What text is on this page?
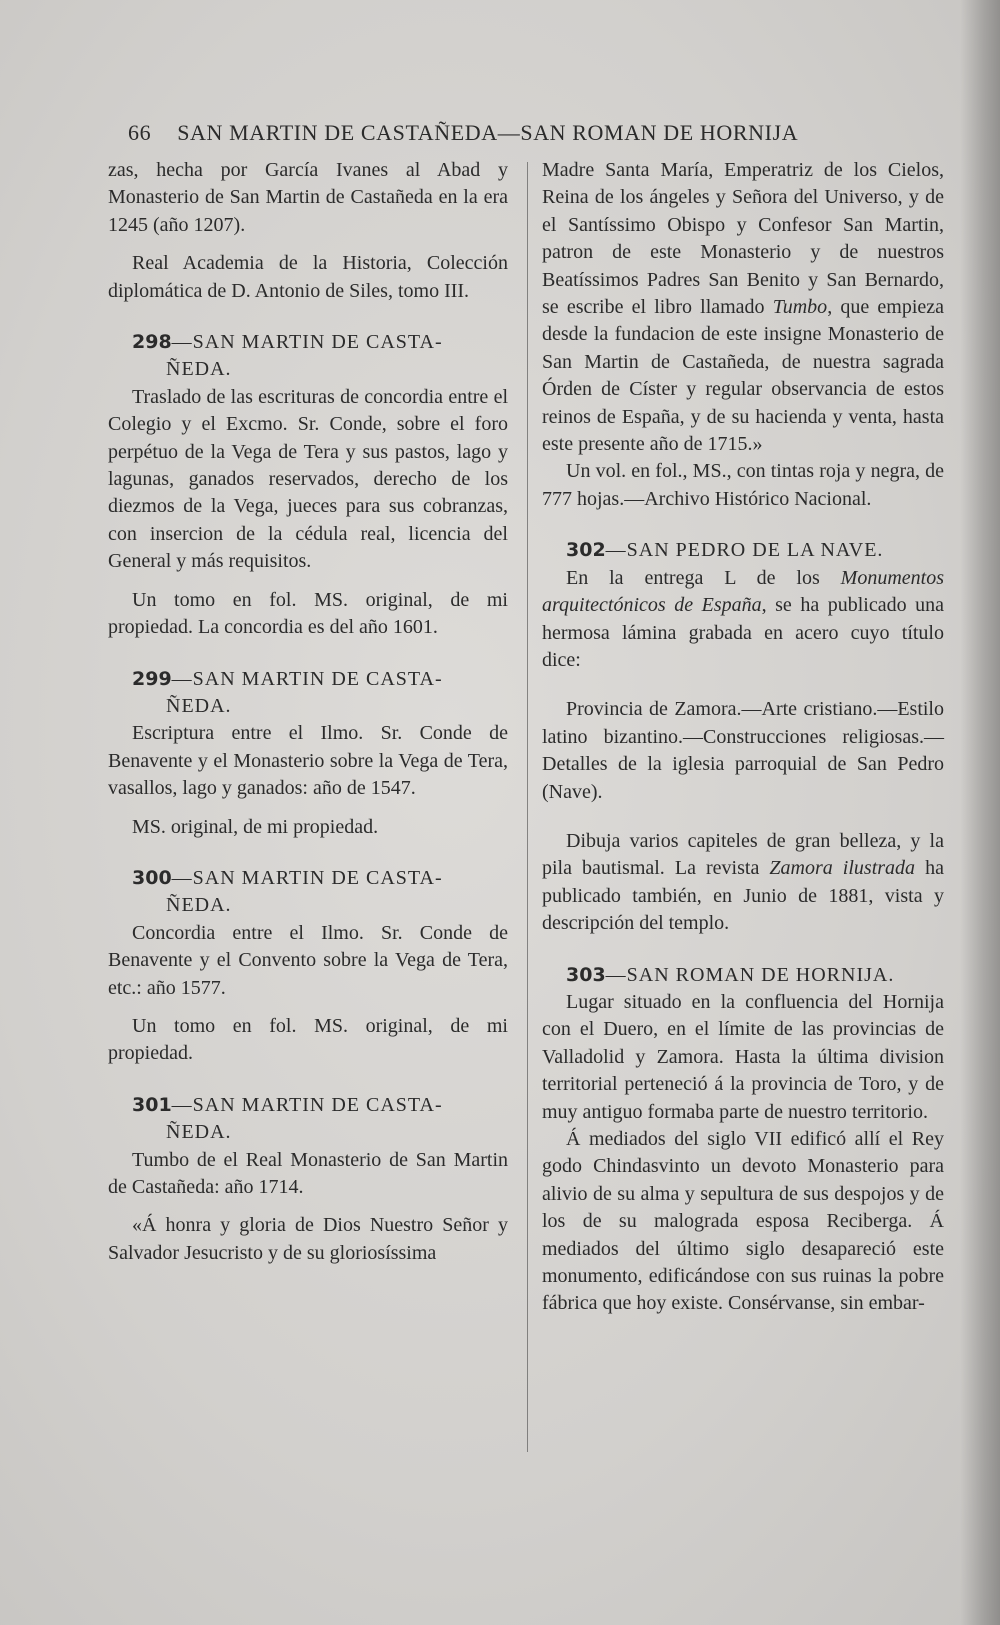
66 SAN MARTIN DE CASTAÑEDA—SAN ROMAN DE HORNIJA

zas, hecha por García Ivanes al Abad y Monasterio de San Martin de Castañeda en la era 1245 (año 1207).

Real Academia de la Historia, Colección diplomática de D. Antonio de Siles, tomo III.

298—SAN MARTIN DE CASTA-
ÑEDA.

Traslado de las escrituras de concordia entre el Colegio y el Excmo. Sr. Conde, sobre el foro perpétuo de la Vega de Tera y sus pastos, lago y lagunas, ganados reservados, derecho de los diezmos de la Vega, jueces para sus cobranzas, con insercion de la cédula real, licencia del General y más requisitos.

Un tomo en fol. MS. original, de mi propiedad. La concordia es del año 1601.

299—SAN MARTIN DE CASTA-
ÑEDA.

Escriptura entre el Ilmo. Sr. Conde de Benavente y el Monasterio sobre la Vega de Tera, vasallos, lago y ganados: año de 1547.

MS. original, de mi propiedad.

300—SAN MARTIN DE CASTA-
ÑEDA.

Concordia entre el Ilmo. Sr. Conde de Benavente y el Convento sobre la Vega de Tera, etc.: año 1577.

Un tomo en fol. MS. original, de mi propiedad.

301—SAN MARTIN DE CASTA-
ÑEDA.

Tumbo de el Real Monasterio de San Martin de Castañeda: año 1714.

«Á honra y gloria de Dios Nuestro Señor y Salvador Jesucristo y de su gloriosíssima

Madre Santa María, Emperatriz de los Cielos, Reina de los ángeles y Señora del Universo, y de el Santíssimo Obispo y Confesor San Martin, patron de este Monasterio y de nuestros Beatíssimos Padres San Benito y San Bernardo, se escribe el libro llamado Tumbo, que empieza desde la fundacion de este insigne Monasterio de San Martin de Castañeda, de nuestra sagrada Órden de Císter y regular observancia de estos reinos de España, y de su hacienda y venta, hasta este presente año de 1715.»

Un vol. en fol., MS., con tintas roja y negra, de 777 hojas.—Archivo Histórico Nacional.

302—SAN PEDRO DE LA NAVE.

En la entrega L de los Monumentos arquitectónicos de España, se ha publicado una hermosa lámina grabada en acero cuyo título dice:

Provincia de Zamora.—Arte cristiano.—Estilo latino bizantino.—Construcciones religiosas.—Detalles de la iglesia parroquial de San Pedro (Nave).

Dibuja varios capiteles de gran belleza, y la pila bautismal. La revista Zamora ilustrada ha publicado también, en Junio de 1881, vista y descripción del templo.

303—SAN ROMAN DE HORNIJA.

Lugar situado en la confluencia del Hornija con el Duero, en el límite de las provincias de Valladolid y Zamora. Hasta la última division territorial perteneció á la provincia de Toro, y de muy antiguo formaba parte de nuestro territorio.

Á mediados del siglo VII edificó allí el Rey godo Chindasvinto un devoto Monasterio para alivio de su alma y sepultura de sus despojos y de los de su malograda esposa Reciberga. Á mediados del último siglo desapareció este monumento, edificándose con sus ruinas la pobre fábrica que hoy existe. Consérvanse, sin embar-
